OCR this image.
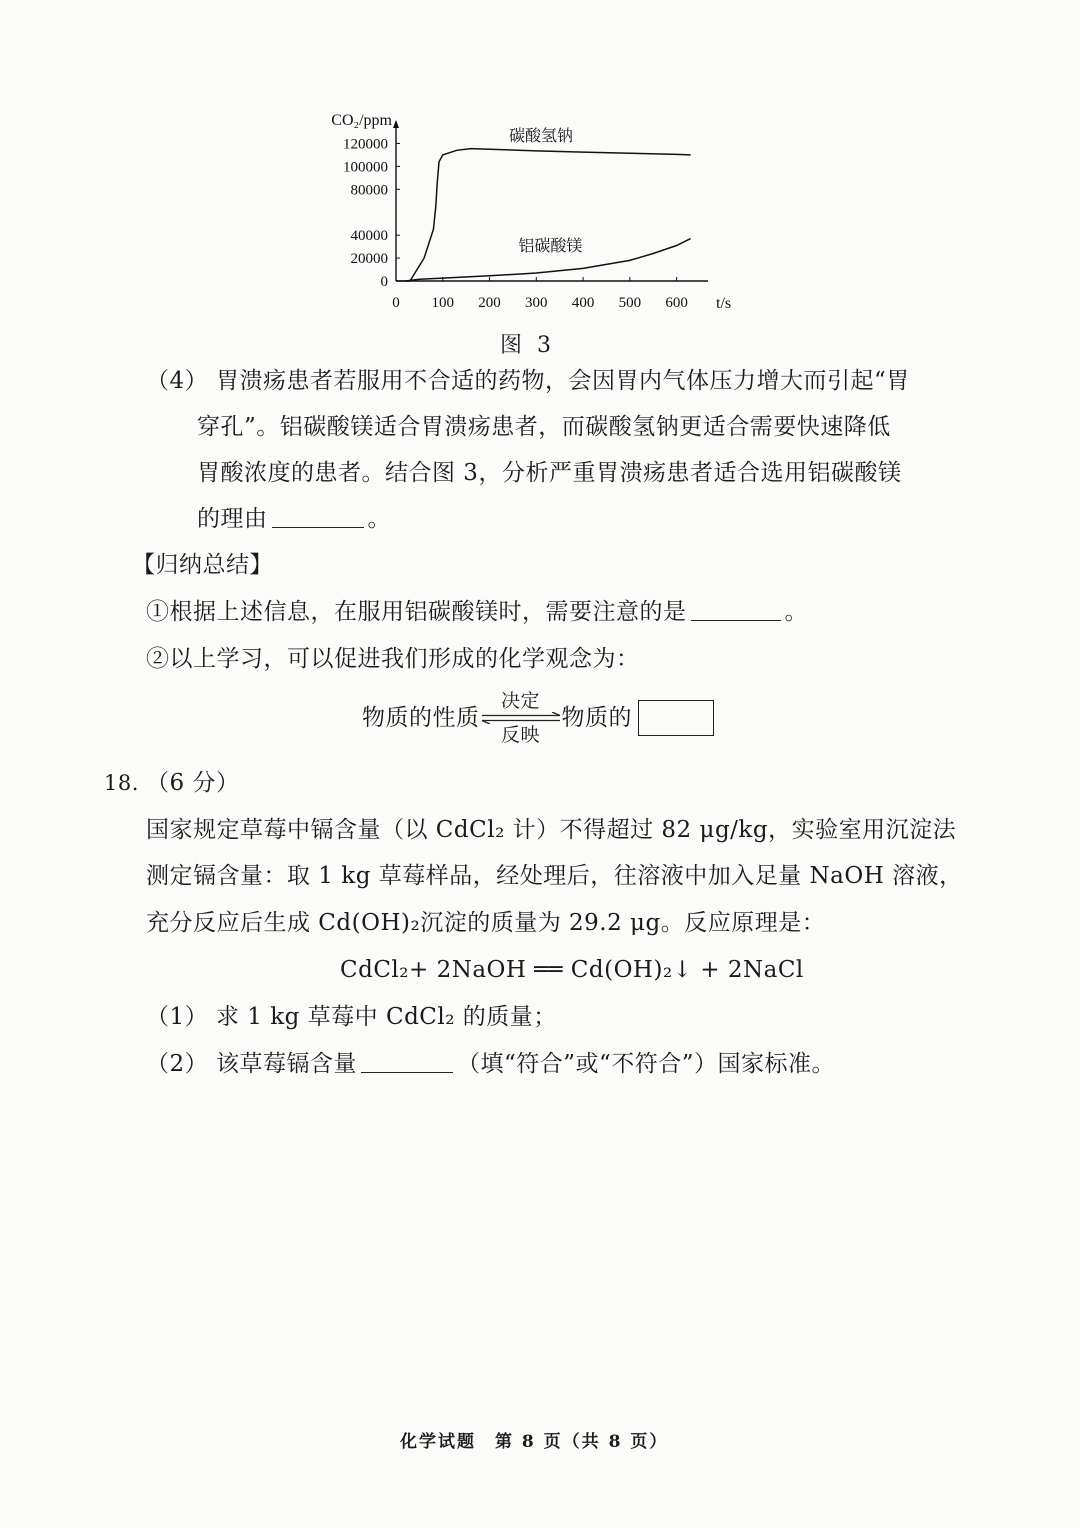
CO₂/ppm
t/s
0 100 200 300 400 500 600
0
20000
40000
80000
100000
120000	碳酸氢钠
铝碳酸镁
图 3
（4） 胃溃疡患者若服用不合适的药物，会因胃内气体压力增大而引起“胃
穿孔”。铝碳酸镁适合胃溃疡患者，而碳酸氢钠更适合需要快速降低
胃酸浓度的患者。结合图 3，分析严重胃溃疡患者适合选用铝碳酸镁
的理由	。
【归纳总结】
①根据上述信息，在服用铝碳酸镁时，需要注意的是	。
②以上学习，可以促进我们形成的化学观念为：
物质的性质
决定
反映
物质的
18. （6 分）
国家规定草莓中镉含量（以 CdCl₂ 计）不得超过 82 μg/kg，实验室用沉淀法
测定镉含量：取 1 kg 草莓样品，经处理后，往溶液中加入足量 NaOH 溶液，
充分反应后生成 Cd(OH)₂沉淀的质量为 29.2 μg。反应原理是：
CdCl₂+ 2NaOH ══ Cd(OH)₂↓ + 2NaCl
（1） 求 1 kg 草莓中 CdCl₂ 的质量；
（2） 该草莓镉含量	（填“符合”或“不符合”）国家标准。
化学试题　第 8 页（共 8 页）
